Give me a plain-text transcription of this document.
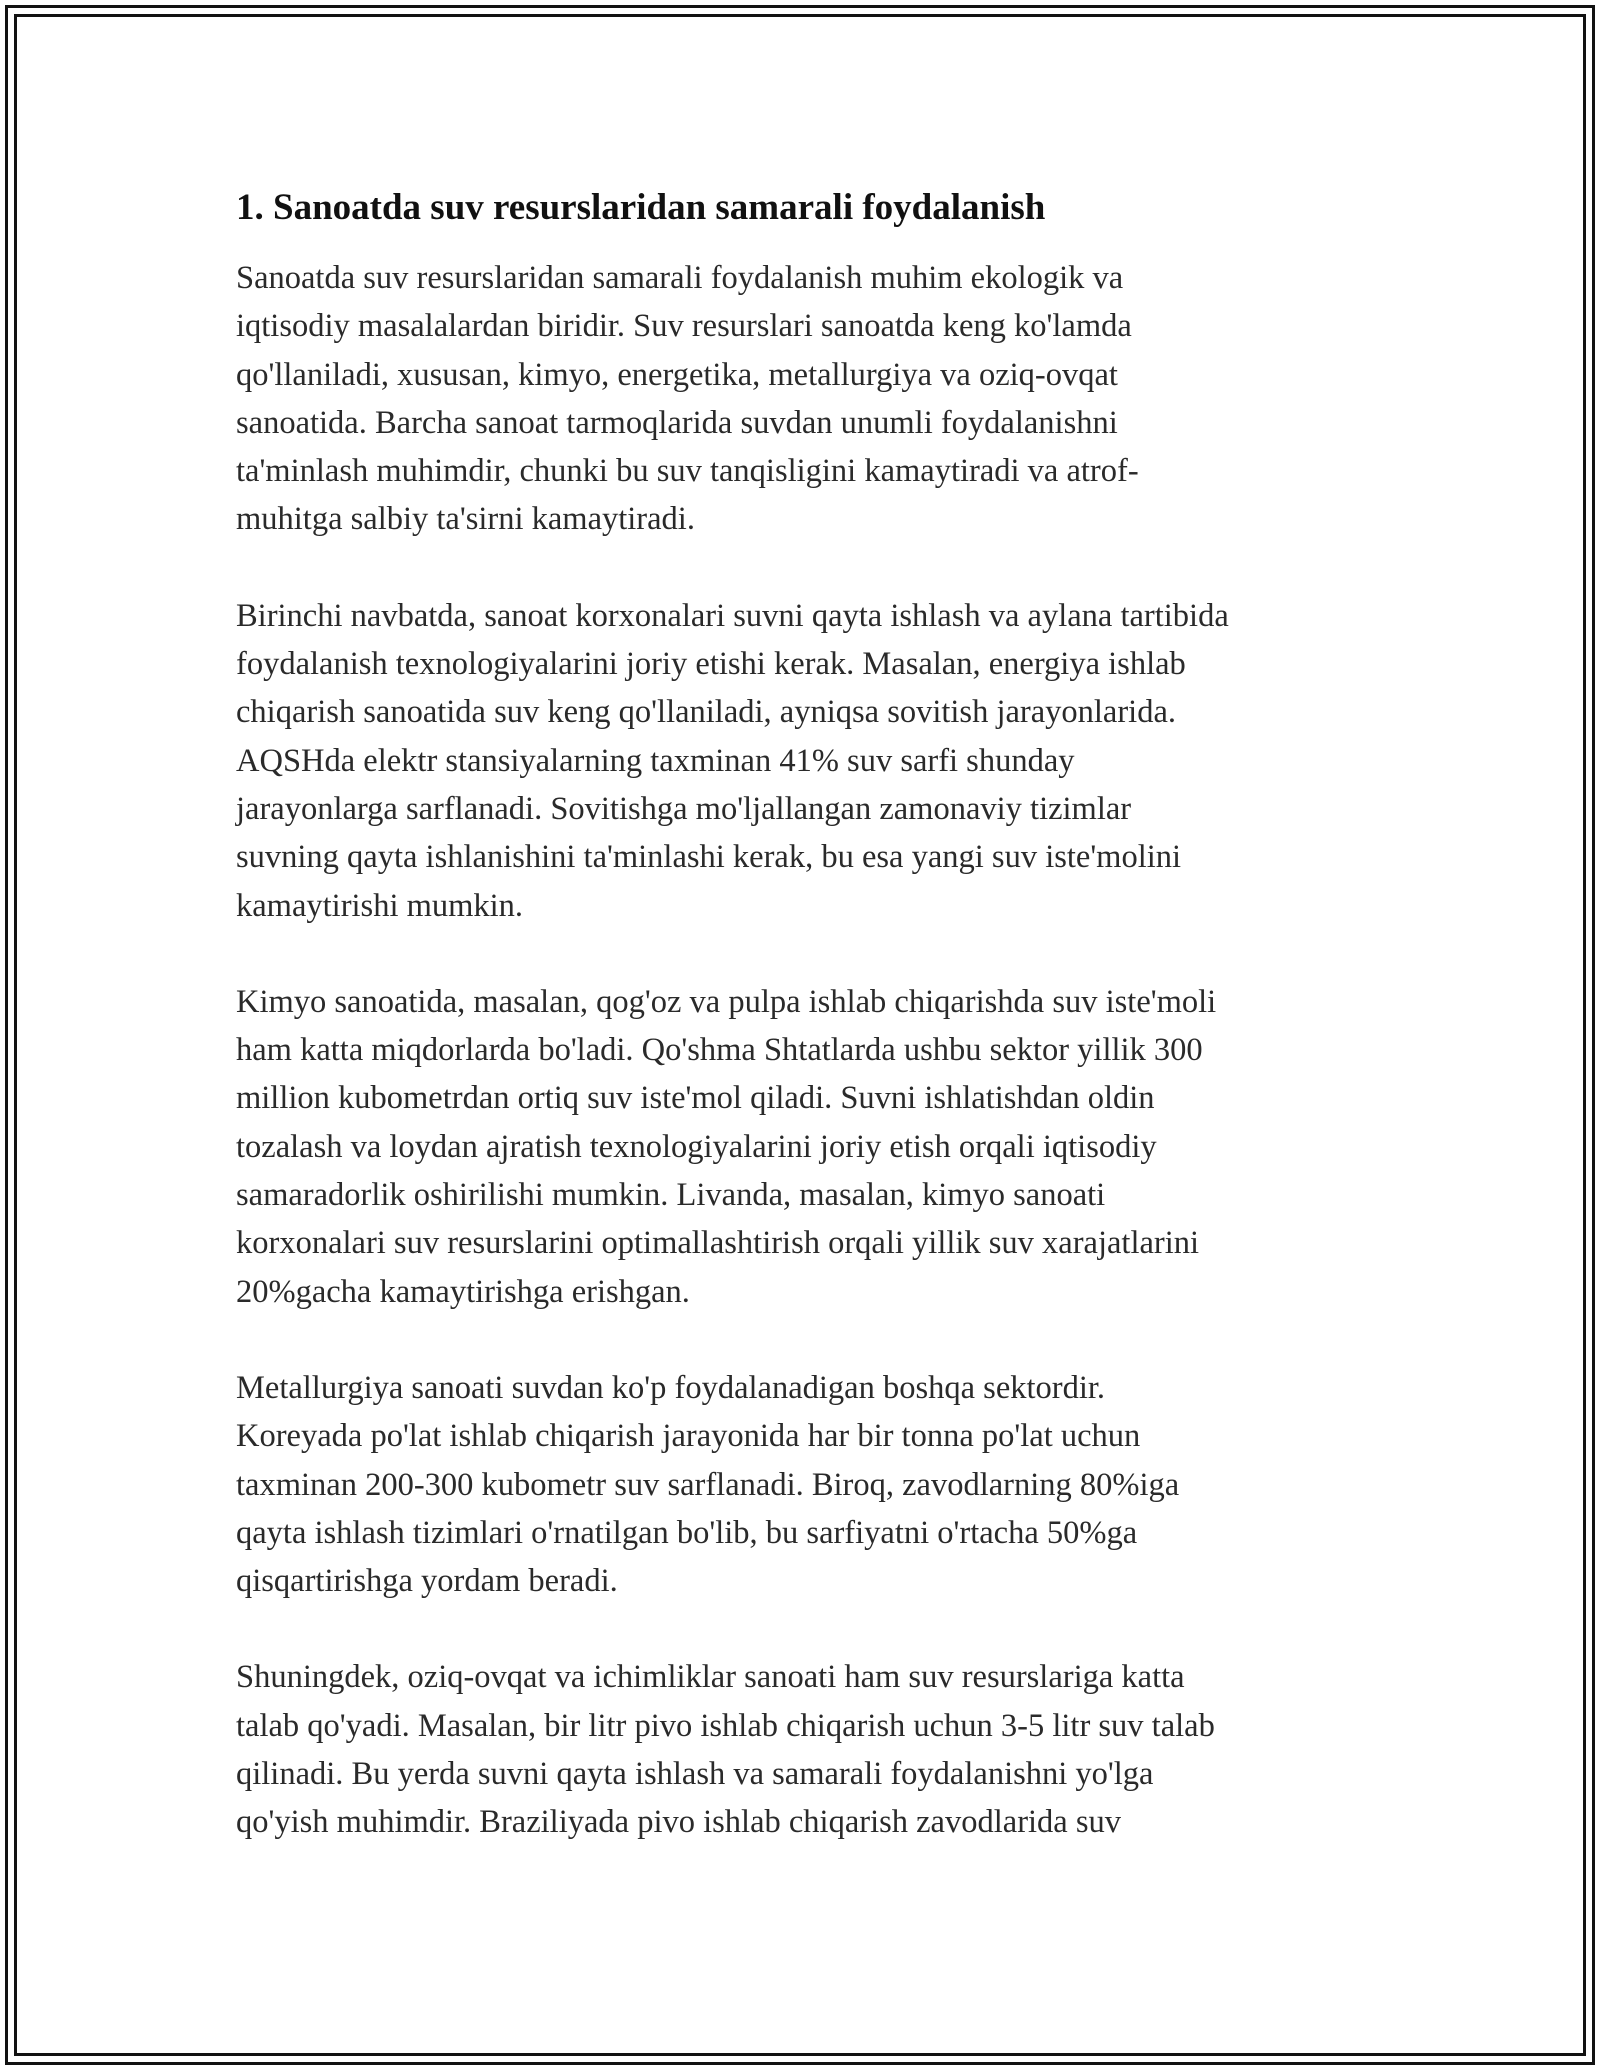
1. Sanoatda suv resurslaridan samarali foydalanish

Sanoatda suv resurslaridan samarali foydalanish muhim ekologik va
iqtisodiy masalalardan biridir. Suv resurslari sanoatda keng ko'lamda
qo'llaniladi, xususan, kimyo, energetika, metallurgiya va oziq-ovqat
sanoatida. Barcha sanoat tarmoqlarida suvdan unumli foydalanishni
ta'minlash muhimdir, chunki bu suv tanqisligini kamaytiradi va atrof-
muhitga salbiy ta'sirni kamaytiradi.

Birinchi navbatda, sanoat korxonalari suvni qayta ishlash va aylana tartibida
foydalanish texnologiyalarini joriy etishi kerak. Masalan, energiya ishlab
chiqarish sanoatida suv keng qo'llaniladi, ayniqsa sovitish jarayonlarida.
AQSHda elektr stansiyalarning taxminan 41% suv sarfi shunday
jarayonlarga sarflanadi. Sovitishga mo'ljallangan zamonaviy tizimlar
suvning qayta ishlanishini ta'minlashi kerak, bu esa yangi suv iste'molini
kamaytirishi mumkin.

Kimyo sanoatida, masalan, qog'oz va pulpa ishlab chiqarishda suv iste'moli
ham katta miqdorlarda bo'ladi. Qo'shma Shtatlarda ushbu sektor yillik 300
million kubometrdan ortiq suv iste'mol qiladi. Suvni ishlatishdan oldin
tozalash va loydan ajratish texnologiyalarini joriy etish orqali iqtisodiy
samaradorlik oshirilishi mumkin. Livanda, masalan, kimyo sanoati
korxonalari suv resurslarini optimallashtirish orqali yillik suv xarajatlarini
20%gacha kamaytirishga erishgan.

Metallurgiya sanoati suvdan ko'p foydalanadigan boshqa sektordir.
Koreyada po'lat ishlab chiqarish jarayonida har bir tonna po'lat uchun
taxminan 200-300 kubometr suv sarflanadi. Biroq, zavodlarning 80%iga
qayta ishlash tizimlari o'rnatilgan bo'lib, bu sarfiyatni o'rtacha 50%ga
qisqartirishga yordam beradi.

Shuningdek, oziq-ovqat va ichimliklar sanoati ham suv resurslariga katta
talab qo'yadi. Masalan, bir litr pivo ishlab chiqarish uchun 3-5 litr suv talab
qilinadi. Bu yerda suvni qayta ishlash va samarali foydalanishni yo'lga
qo'yish muhimdir. Braziliyada pivo ishlab chiqarish zavodlarida suv
